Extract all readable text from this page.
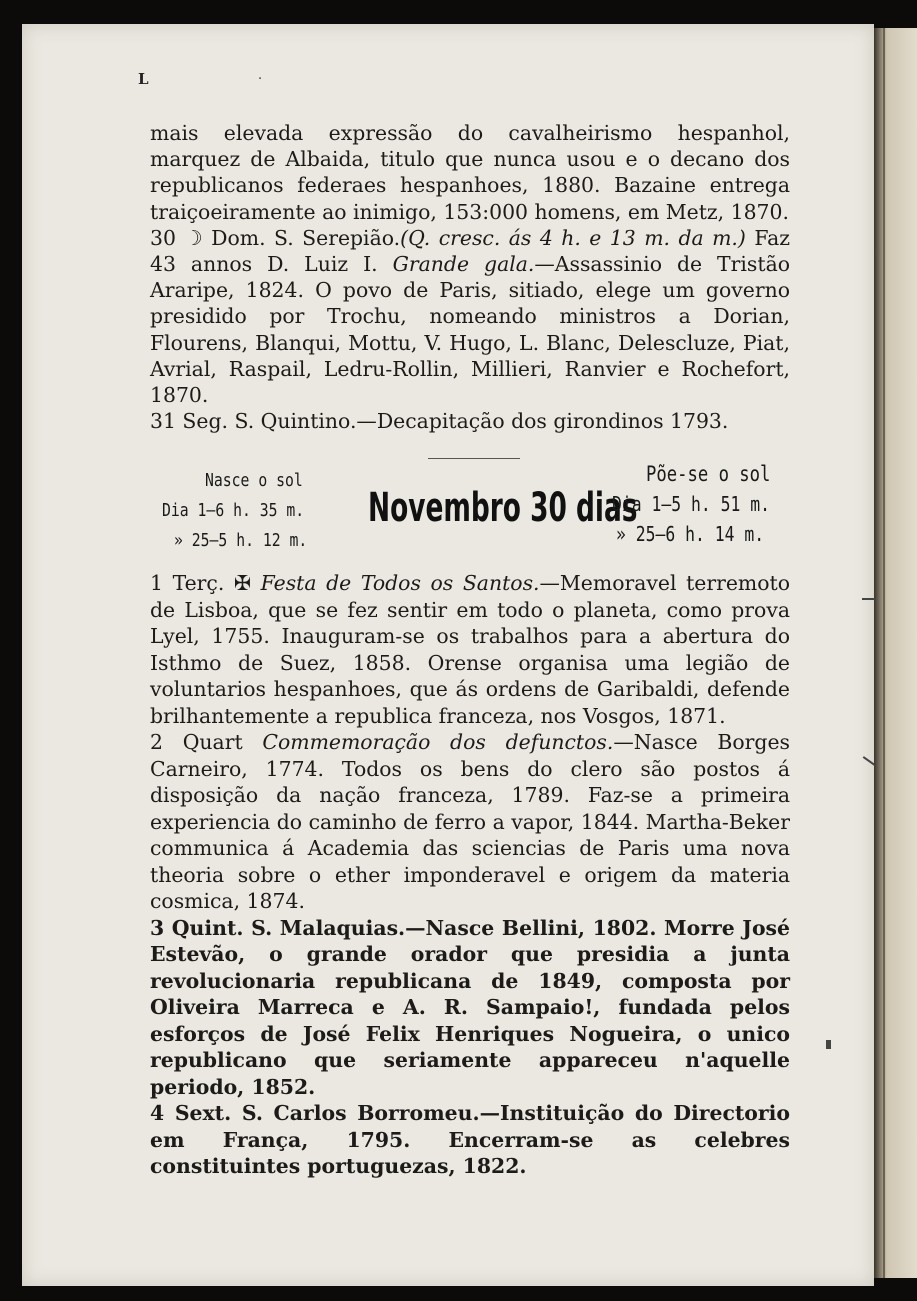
·
L

mais elevada expressão do cavalheirismo hespanhol, marquez de Albaida, titulo que nunca usou e o decano dos republicanos federaes hespanhoes, 1880. Bazaine entrega traiçoeiramente ao inimigo, 153:000 homens, em Metz, 1870.

30 ☽ Dom. S. Serepião.(Q. cresc. ás 4 h. e 13 m. da m.) Faz 43 annos D. Luiz I. Grande gala.—Assassinio de Tristão Araripe, 1824. O povo de Paris, sitiado, elege um governo presidido por Trochu, nomeando ministros a Dorian, Flourens, Blanqui, Mottu, V. Hugo, L. Blanc, Delescluze, Piat, Avrial, Raspail, Ledru-Rollin, Millieri, Ranvier e Rochefort, 1870.

31 Seg. S. Quintino.—Decapitação dos girondinos 1793.

Nasce o sol
Dia 1—6 h. 35 m.
» 25—5 h. 12 m.
Novembro 30 dias
Põe-se o sol
Dia 1—5 h. 51 m.
» 25—6 h. 14 m.

1 Terç. ✠ Festa de Todos os Santos.—Memoravel terremoto de Lisboa, que se fez sentir em todo o planeta, como prova Lyel, 1755. Inauguram-se os trabalhos para a abertura do Isthmo de Suez, 1858. Orense organisa uma legião de voluntarios hespanhoes, que ás ordens de Garibaldi, defende brilhantemente a republica franceza, nos Vosgos, 1871.

2 Quart Commemoração dos defunctos.—Nasce Borges Carneiro, 1774. Todos os bens do clero são postos á disposição da nação franceza, 1789. Faz-se a primeira experiencia do caminho de ferro a vapor, 1844. Martha-Beker communica á Academia das sciencias de Paris uma nova theoria sobre o ether imponderavel e origem da materia cosmica, 1874.

3 Quint. S. Malaquias.—Nasce Bellini, 1802. Morre José Estevão, o grande orador que presidia a junta revolucionaria republicana de 1849, composta por Oliveira Marreca e A. R. Sampaio!, fundada pelos esforços de José Felix Henriques Nogueira, o unico republicano que seriamente appareceu n'aquelle periodo, 1852.

4 Sext. S. Carlos Borromeu.—Instituição do Directorio em França, 1795. Encerram-se as celebres constituintes portuguezas, 1822.
